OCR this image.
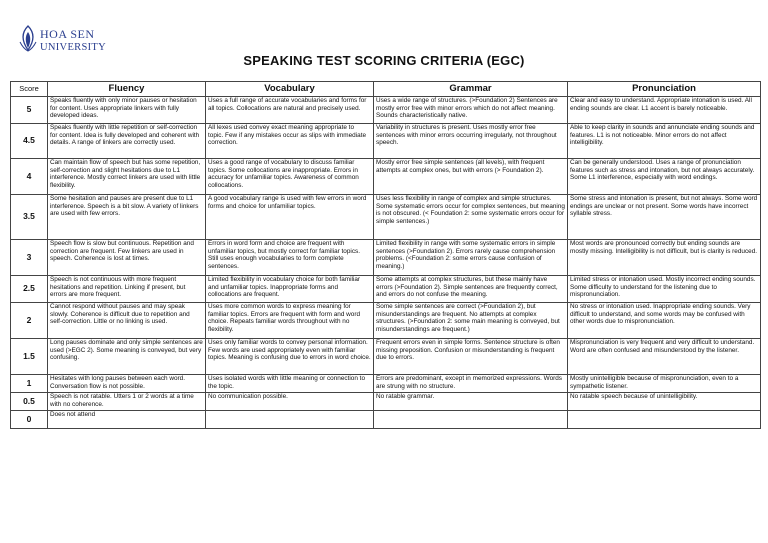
HOA SEN
UNIVERSITY
SPEAKING TEST SCORING CRITERIA (EGC)
Score	Fluency	Vocabulary	Grammar	Pronunciation
5	Speaks fluently with only minor pauses or hesitation for content. Uses appropriate linkers with fully developed ideas.	Uses a full range of accurate vocabularies and forms for all topics. Collocations are natural and precisely used.	Uses a wide range of structures. (>Foundation 2) Sentences are mostly error free with minor errors which do not affect meaning. Sounds characteristically native.	Clear and easy to understand. Appropriate intonation is used. All ending sounds are clear. L1 accent is barely noticeable.
4.5	Speaks fluently with little repetition or self-correction for content. Idea is fully developed and coherent with details. A range of linkers are correctly used.	All lexes used convey exact meaning appropriate to topic. Few if any mistakes occur as slips with immediate correction.	Variability in structures is present. Uses mostly error free sentences with minor errors occurring irregularly, not throughout speech.	Able to keep clarity in sounds and annunciate ending sounds and features. L1 is not noticeable. Minor errors do not affect intelligibility.
4	Can maintain flow of speech but has some repetition, self-correction and slight hesitations due to L1 interference. Mostly correct linkers are used with little flexibility.	Uses a good range of vocabulary to discuss familiar topics. Some collocations are inappropriate. Errors in accuracy for unfamiliar topics. Awareness of common collocations.	Mostly error free simple sentences (all levels), with frequent attempts at complex ones, but with errors (> Foundation 2).	Can be generally understood. Uses a range of pronunciation features such as stress and intonation, but not always accurately. Some L1 interference, especially with word endings.
3.5	Some hesitation and pauses are present due to L1 interference. Speech is a bit slow. A variety of linkers are used with few errors.	A good vocabulary range is used with few errors in word forms and choice for unfamiliar topics.	Uses less flexibility in range of complex and simple structures. Some systematic errors occur for complex sentences, but meaning is not obscured. (< Foundation 2: some systematic errors occur for simple sentences.)	Some stress and intonation is present, but not always. Some word endings are unclear or not present. Some words have incorrect syllable stress.
3	Speech flow is slow but continuous. Repetition and correction are frequent. Few linkers are used in speech. Coherence is lost at times.	Errors in word form and choice are frequent with unfamiliar topics, but mostly correct for familiar topics. Still uses enough vocabularies to form complete sentences.	Limited flexibility in range with some systematic errors in simple sentences (>Foundation 2). Errors rarely cause comprehension problems. (<Foundation 2: some errors cause confusion of meaning.)	Most words are pronounced correctly but ending sounds are mostly missing. Intelligibility is not difficult, but is clarity is reduced.
2.5	Speech is not continuous with more frequent hesitations and repetition. Linking if present, but errors are more frequent.	Limited flexibility in vocabulary choice for both familiar and unfamiliar topics. Inappropriate forms and collocations are frequent.	Some attempts at complex structures, but these mainly have errors (>Foundation 2). Simple sentences are frequently correct, and errors do not confuse the meaning.	Limited stress or intonation used. Mostly incorrect ending sounds. Some difficulty to understand for the listening due to mispronunciation.
2	Cannot respond without pauses and may speak slowly. Coherence is difficult due to repetition and self-correction. Little or no linking is used.	Uses more common words to express meaning for familiar topics. Errors are frequent with form and word choice. Repeats familiar words throughout with no flexibility.	Some simple sentences are correct (>Foundation 2), but misunderstandings are frequent. No attempts at complex structures. (>Foundation 2: some main meaning is conveyed, but misunderstandings are frequent.)	No stress or intonation used. Inappropriate ending sounds. Very difficult to understand, and some words may be confused with other words due to mispronunciation.
1.5	Long pauses dominate and only simple sentences are used (>EGC 2). Some meaning is conveyed, but very confusing.	Uses only familiar words to convey personal information. Few words are used appropriately even with familiar topics. Meaning is confusing due to errors in word choice.	Frequent errors even in simple forms. Sentence structure is often missing preposition. Confusion or misunderstanding is frequent due to errors.	Mispronunciation is very frequent and very difficult to understand. Word are often confused and misunderstood by the listener.
1	Hesitates with long pauses between each word. Conversation flow is not possible.	Uses isolated words with little meaning or connection to the topic.	Errors are predominant, except in memorized expressions. Words are strung with no structure.	Mostly unintelligible because of mispronunciation, even to a sympathetic listener.
0.5	Speech is not ratable. Utters 1 or 2 words at a time with no coherence.	No communication possible.	No ratable grammar.	No ratable speech because of unintelligibility.
0	Does not attend			
